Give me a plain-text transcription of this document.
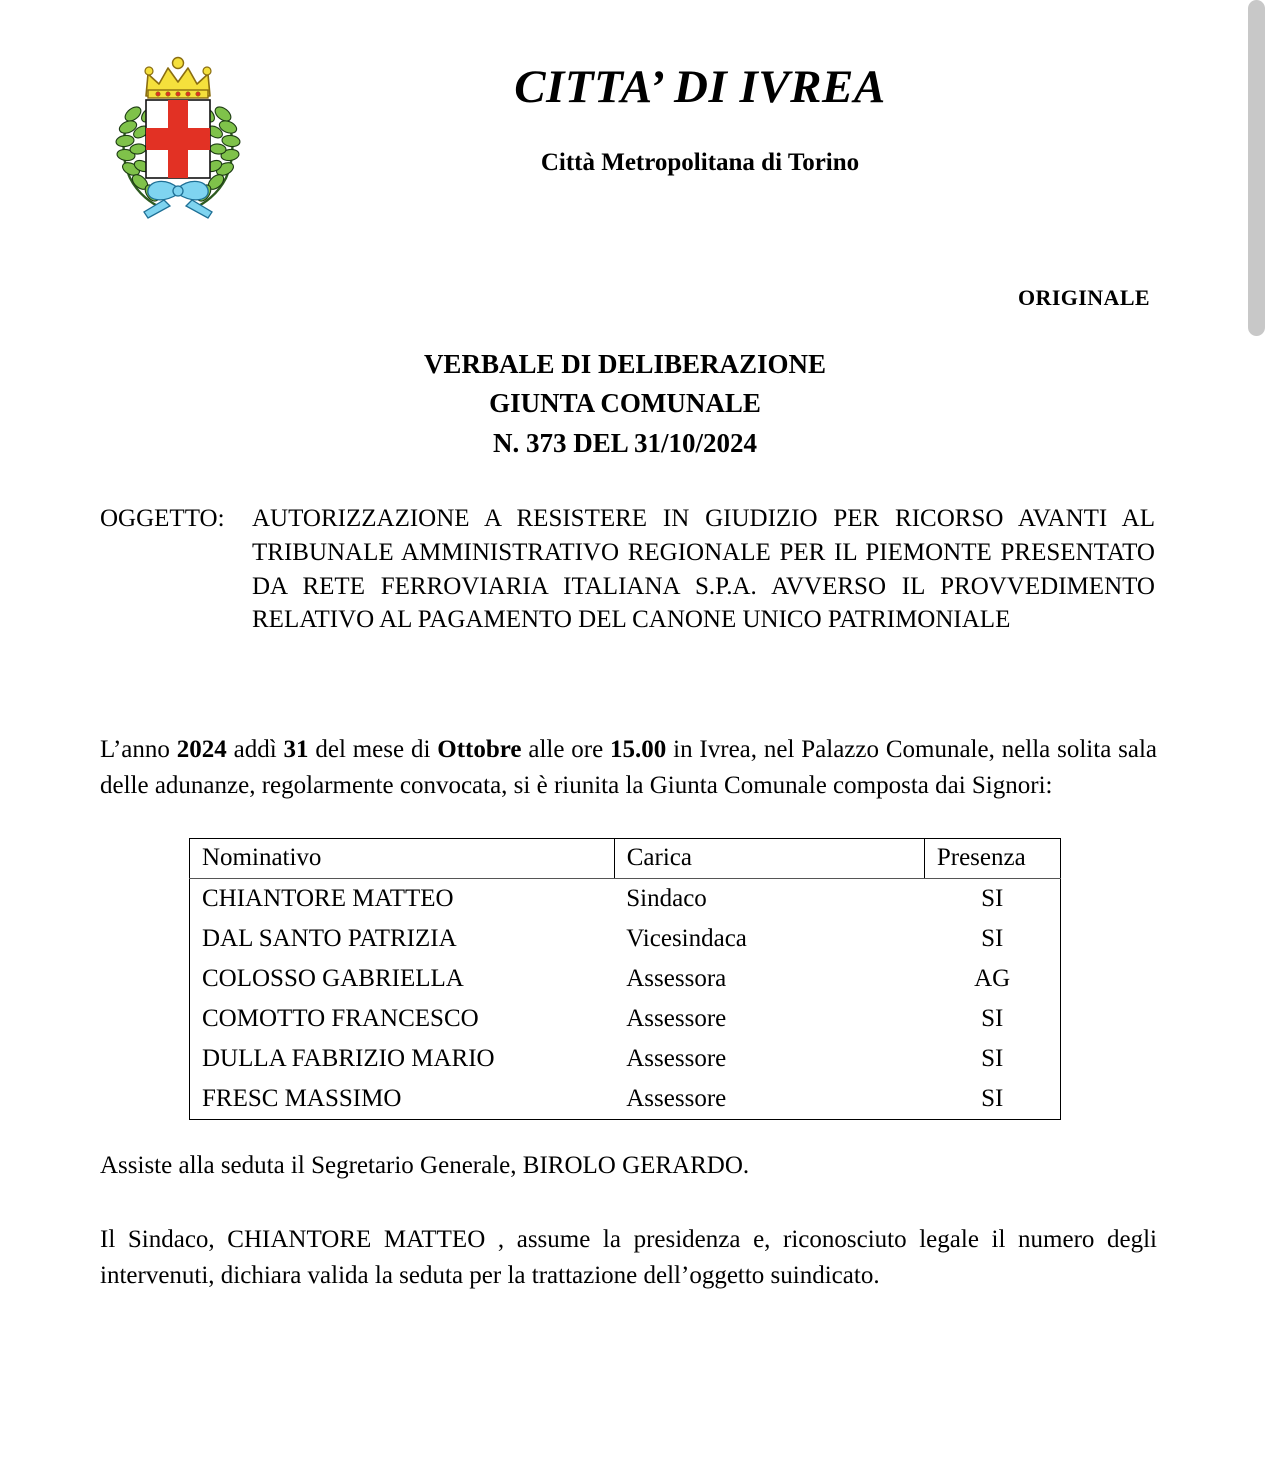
CITTA’ DI IVREA
Città Metropolitana di Torino
ORIGINALE
VERBALE DI DELIBERAZIONE
GIUNTA COMUNALE
N. 373 DEL 31/10/2024
OGGETTO: AUTORIZZAZIONE A RESISTERE IN GIUDIZIO PER RICORSO AVANTI AL TRIBUNALE AMMINISTRATIVO REGIONALE PER IL PIEMONTE PRESENTATO DA RETE FERROVIARIA ITALIANA S.P.A. AVVERSO IL PROVVEDIMENTO RELATIVO AL PAGAMENTO DEL CANONE UNICO PATRIMONIALE
L’anno 2024 addì 31 del mese di Ottobre alle ore 15.00 in Ivrea, nel Palazzo Comunale, nella solita sala delle adunanze, regolarmente convocata, si è riunita la Giunta Comunale composta dai Signori:
Nominativo	Carica	Presenza
CHIANTORE MATTEO	Sindaco	SI
DAL SANTO PATRIZIA	Vicesindaca	SI
COLOSSO GABRIELLA	Assessora	AG
COMOTTO FRANCESCO	Assessore	SI
DULLA FABRIZIO MARIO	Assessore	SI
FRESC MASSIMO	Assessore	SI
Assiste alla seduta il Segretario Generale, BIROLO GERARDO.
Il Sindaco, CHIANTORE MATTEO , assume la presidenza e, riconosciuto legale il numero degli intervenuti, dichiara valida la seduta per la trattazione dell’oggetto suindicato.
